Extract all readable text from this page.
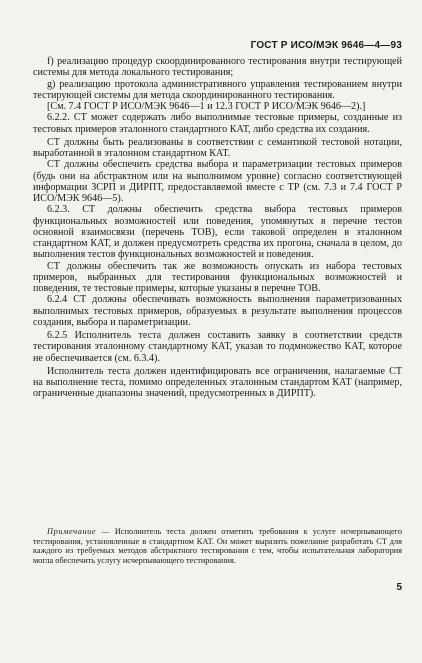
ГОСТ Р ИСО/МЭК 9646—4—93

f) реализацию процедур скоординированного тестирования внутри тестирующей системы для метода локального тестирования;

g) реализацию протокола административного управления тестированием внутри тестирующей системы для метода скоординированного тестирования.

[См. 7.4 ГОСТ Р ИСО/МЭК 9646—1 и 12.3 ГОСТ Р ИСО/МЭК 9646—2).]

6.2.2. СТ может содержать либо выполнимые тестовые примеры, созданные из тестовых примеров эталонного стандартного КАТ, либо средства их создания.

СТ должны быть реализованы в соответствии с семантикой тестовой нотации, выработанной в эталонном стандартном КАТ.

СТ должны обеспечить средства выбора и параметризации тестовых примеров (будь они на абстрактном или на выполнимом уровне) согласно соответствующей информации ЗСРП и ДИРПТ, предоставляемой вместе с ТР (см. 7.3 и 7.4 ГОСТ Р ИСО/МЭК 9646—5).

6.2.3. СТ должны обеспечить средства выбора тестовых примеров функциональных возможностей или поведения, упомянутых в перечне тестов основной взаимосвязи (перечень ТОВ), если таковой определен в эталонном стандартном КАТ, и должен предусмотреть средства их прогона, сначала в целом, до выполнения тестов функциональных возможностей и поведения.

СТ должны обеспечить так же возможность опускать из набора тестовых примеров, выбранных для тестирования функциональных возможностей и поведения, те тестовые примеры, которые указаны в перечне ТОВ.

6.2.4 СТ должны обеспечивать возможность выполнения параметризованных выполнимых тестовых примеров, образуемых в результате выполнения процессов создания, выбора и параметризации.

6.2.5 Исполнитель теста должен составить заявку в соответствии средств тестирования эталонному стандартному КАТ, указав то подмножество КАТ, которое не обеспечивается (см. 6.3.4).

Исполнитель теста должен идентифицировать все ограничения, налагаемые СТ на выполнение теста, помимо определенных эталонным стандартом КАТ (например, ограниченные диапазоны значений, предусмотренных в ДИРПТ).

Примечание — Исполнитель теста должен отметить требования к услуге исчерпывающего тестирования, установленные в стандартном КАТ. Он может выразить пожелание разработать СТ для каждого из требуемых методов абстрактного тестирования с тем, чтобы испытательная лаборатория могла обеспечить услугу исчерпывающего тестирования.

5
